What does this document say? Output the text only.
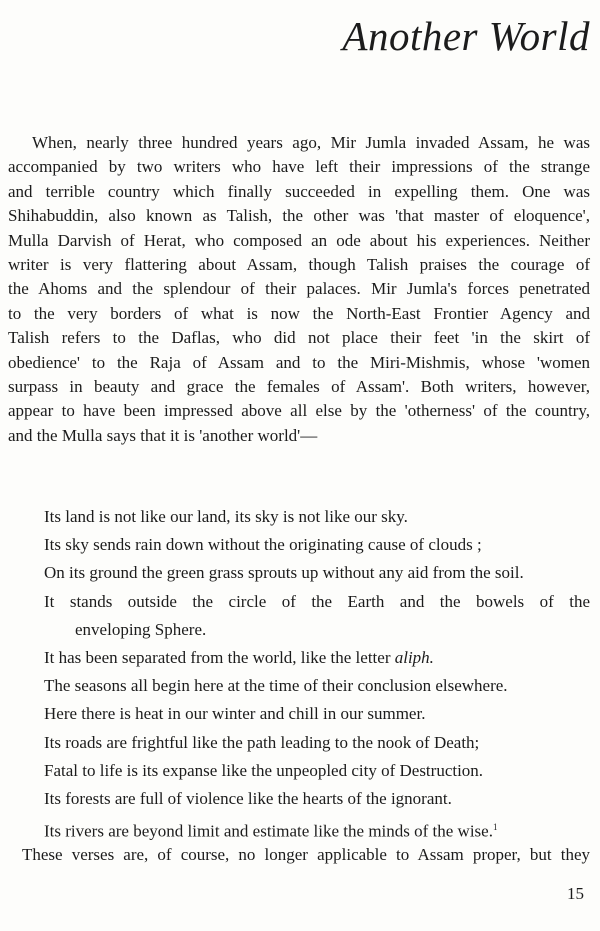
Another World
When, nearly three hundred years ago, Mir Jumla invaded Assam, he was
accompanied by two writers who have left their impressions of the strange
and terrible country which finally succeeded in expelling them. One was
Shihabuddin, also known as Talish, the other was 'that master of eloquence',
Mulla Darvish of Herat, who composed an ode about his experiences. Neither
writer is very flattering about Assam, though Talish praises the courage of
the Ahoms and the splendour of their palaces. Mir Jumla's forces penetrated
to the very borders of what is now the North-East Frontier Agency and
Talish refers to the Daflas, who did not place their feet 'in the skirt of
obedience' to the Raja of Assam and to the Miri-Mishmis, whose 'women
surpass in beauty and grace the females of Assam'. Both writers, however,
appear to have been impressed above all else by the 'otherness' of the country,
and the Mulla says that it is 'another world'—
Its land is not like our land, its sky is not like our sky.
Its sky sends rain down without the originating cause of clouds ;
On its ground the green grass sprouts up without any aid from the soil.
It stands outside the circle of the Earth and the bowels of the
enveloping Sphere.
It has been separated from the world, like the letter aliph.
The seasons all begin here at the time of their conclusion elsewhere.
Here there is heat in our winter and chill in our summer.
Its roads are frightful like the path leading to the nook of Death;
Fatal to life is its expanse like the unpeopled city of Destruction.
Its forests are full of violence like the hearts of the ignorant.
Its rivers are beyond limit and estimate like the minds of the wise.$^1$
These verses are, of course, no longer applicable to Assam proper, but they
15
